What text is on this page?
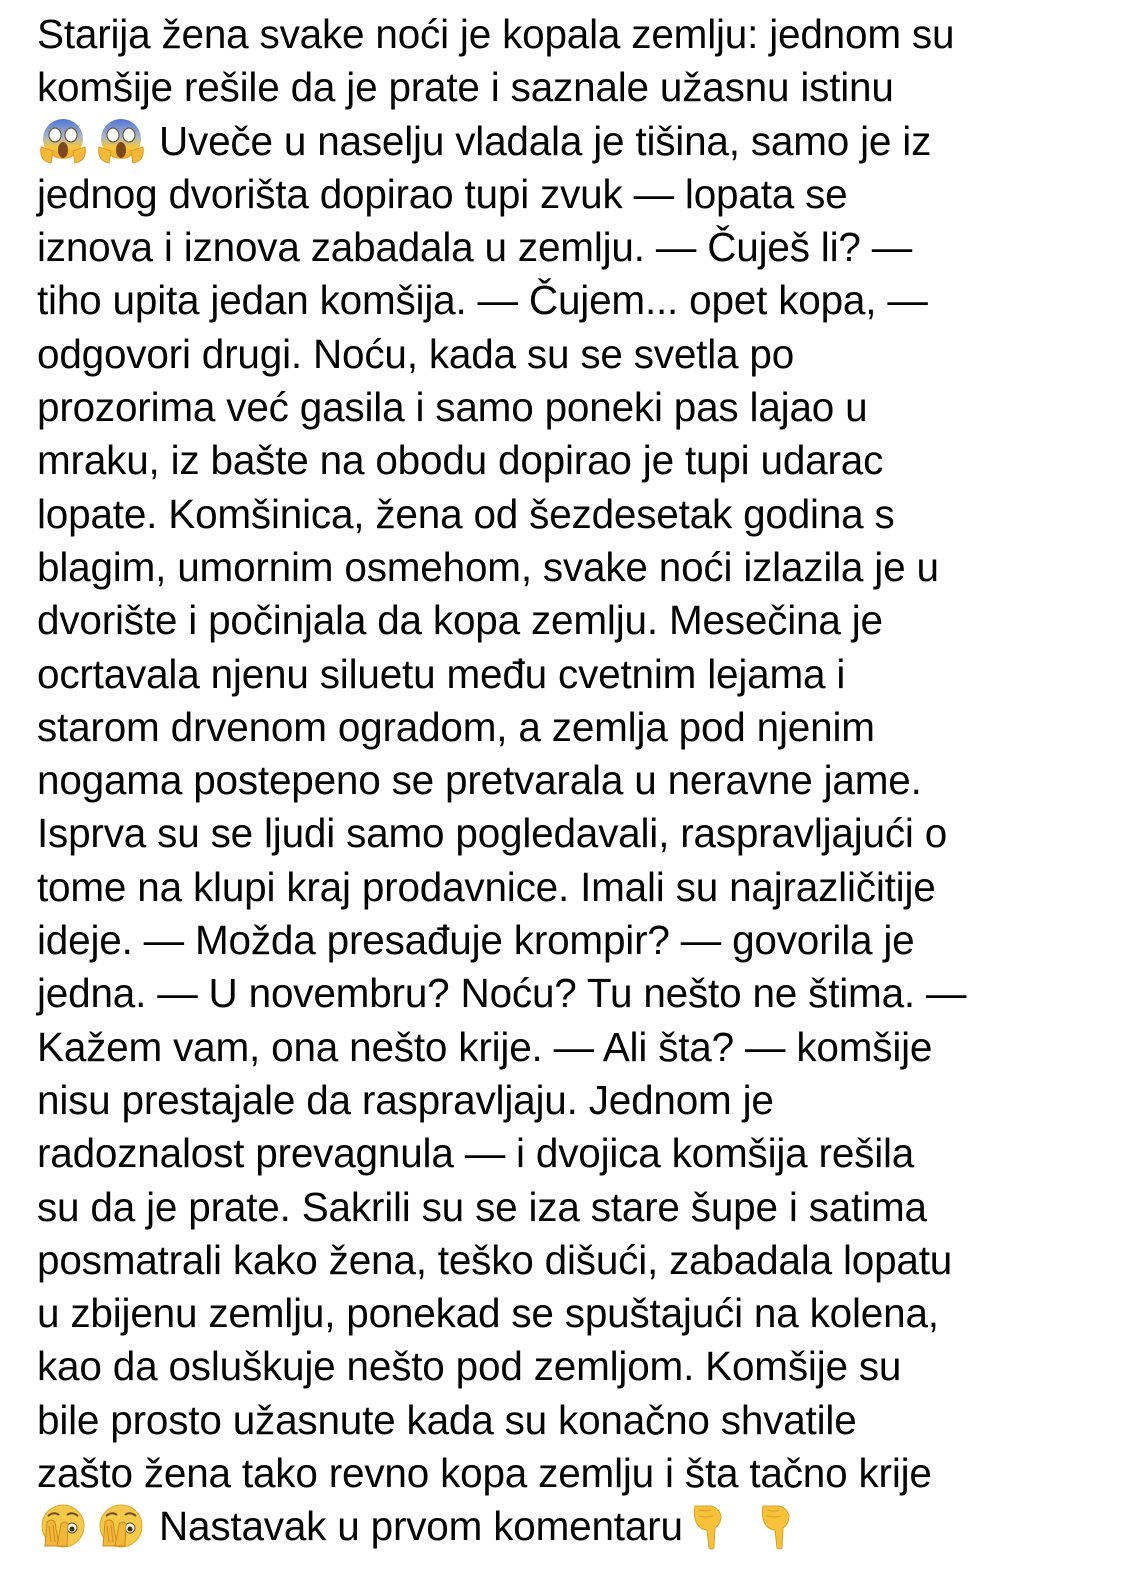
Starija žena svake noći je kopala zemlju: jednom su
komšije rešile da je prate i saznale užasnu istinu
Uveče u naselju vladala je tišina, samo je iz
jednog dvorišta dopirao tupi zvuk — lopata se
iznova i iznova zabadala u zemlju. — Čuješ li? —
tiho upita jedan komšija. — Čujem... opet kopa, —
odgovori drugi. Noću, kada su se svetla po
prozorima već gasila i samo poneki pas lajao u
mraku, iz bašte na obodu dopirao je tupi udarac
lopate. Komšinica, žena od šezdesetak godina s
blagim, umornim osmehom, svake noći izlazila je u
dvorište i počinjala da kopa zemlju. Mesečina je
ocrtavala njenu siluetu među cvetnim lejama i
starom drvenom ogradom, a zemlja pod njenim
nogama postepeno se pretvarala u neravne jame.
Isprva su se ljudi samo pogledavali, raspravljajući o
tome na klupi kraj prodavnice. Imali su najrazličitije
ideje. — Možda presađuje krompir? — govorila je
jedna. — U novembru? Noću? Tu nešto ne štima. —
Kažem vam, ona nešto krije. — Ali šta? — komšije
nisu prestajale da raspravljaju. Jednom je
radoznalost prevagnula — i dvojica komšija rešila
su da je prate. Sakrili su se iza stare šupe i satima
posmatrali kako žena, teško dišući, zabadala lopatu
u zbijenu zemlju, ponekad se spuštajući na kolena,
kao da osluškuje nešto pod zemljom. Komšije su
bile prosto užasnute kada su konačno shvatile
zašto žena tako revno kopa zemlju i šta tačno krije
Nastavak u prvom komentaru
